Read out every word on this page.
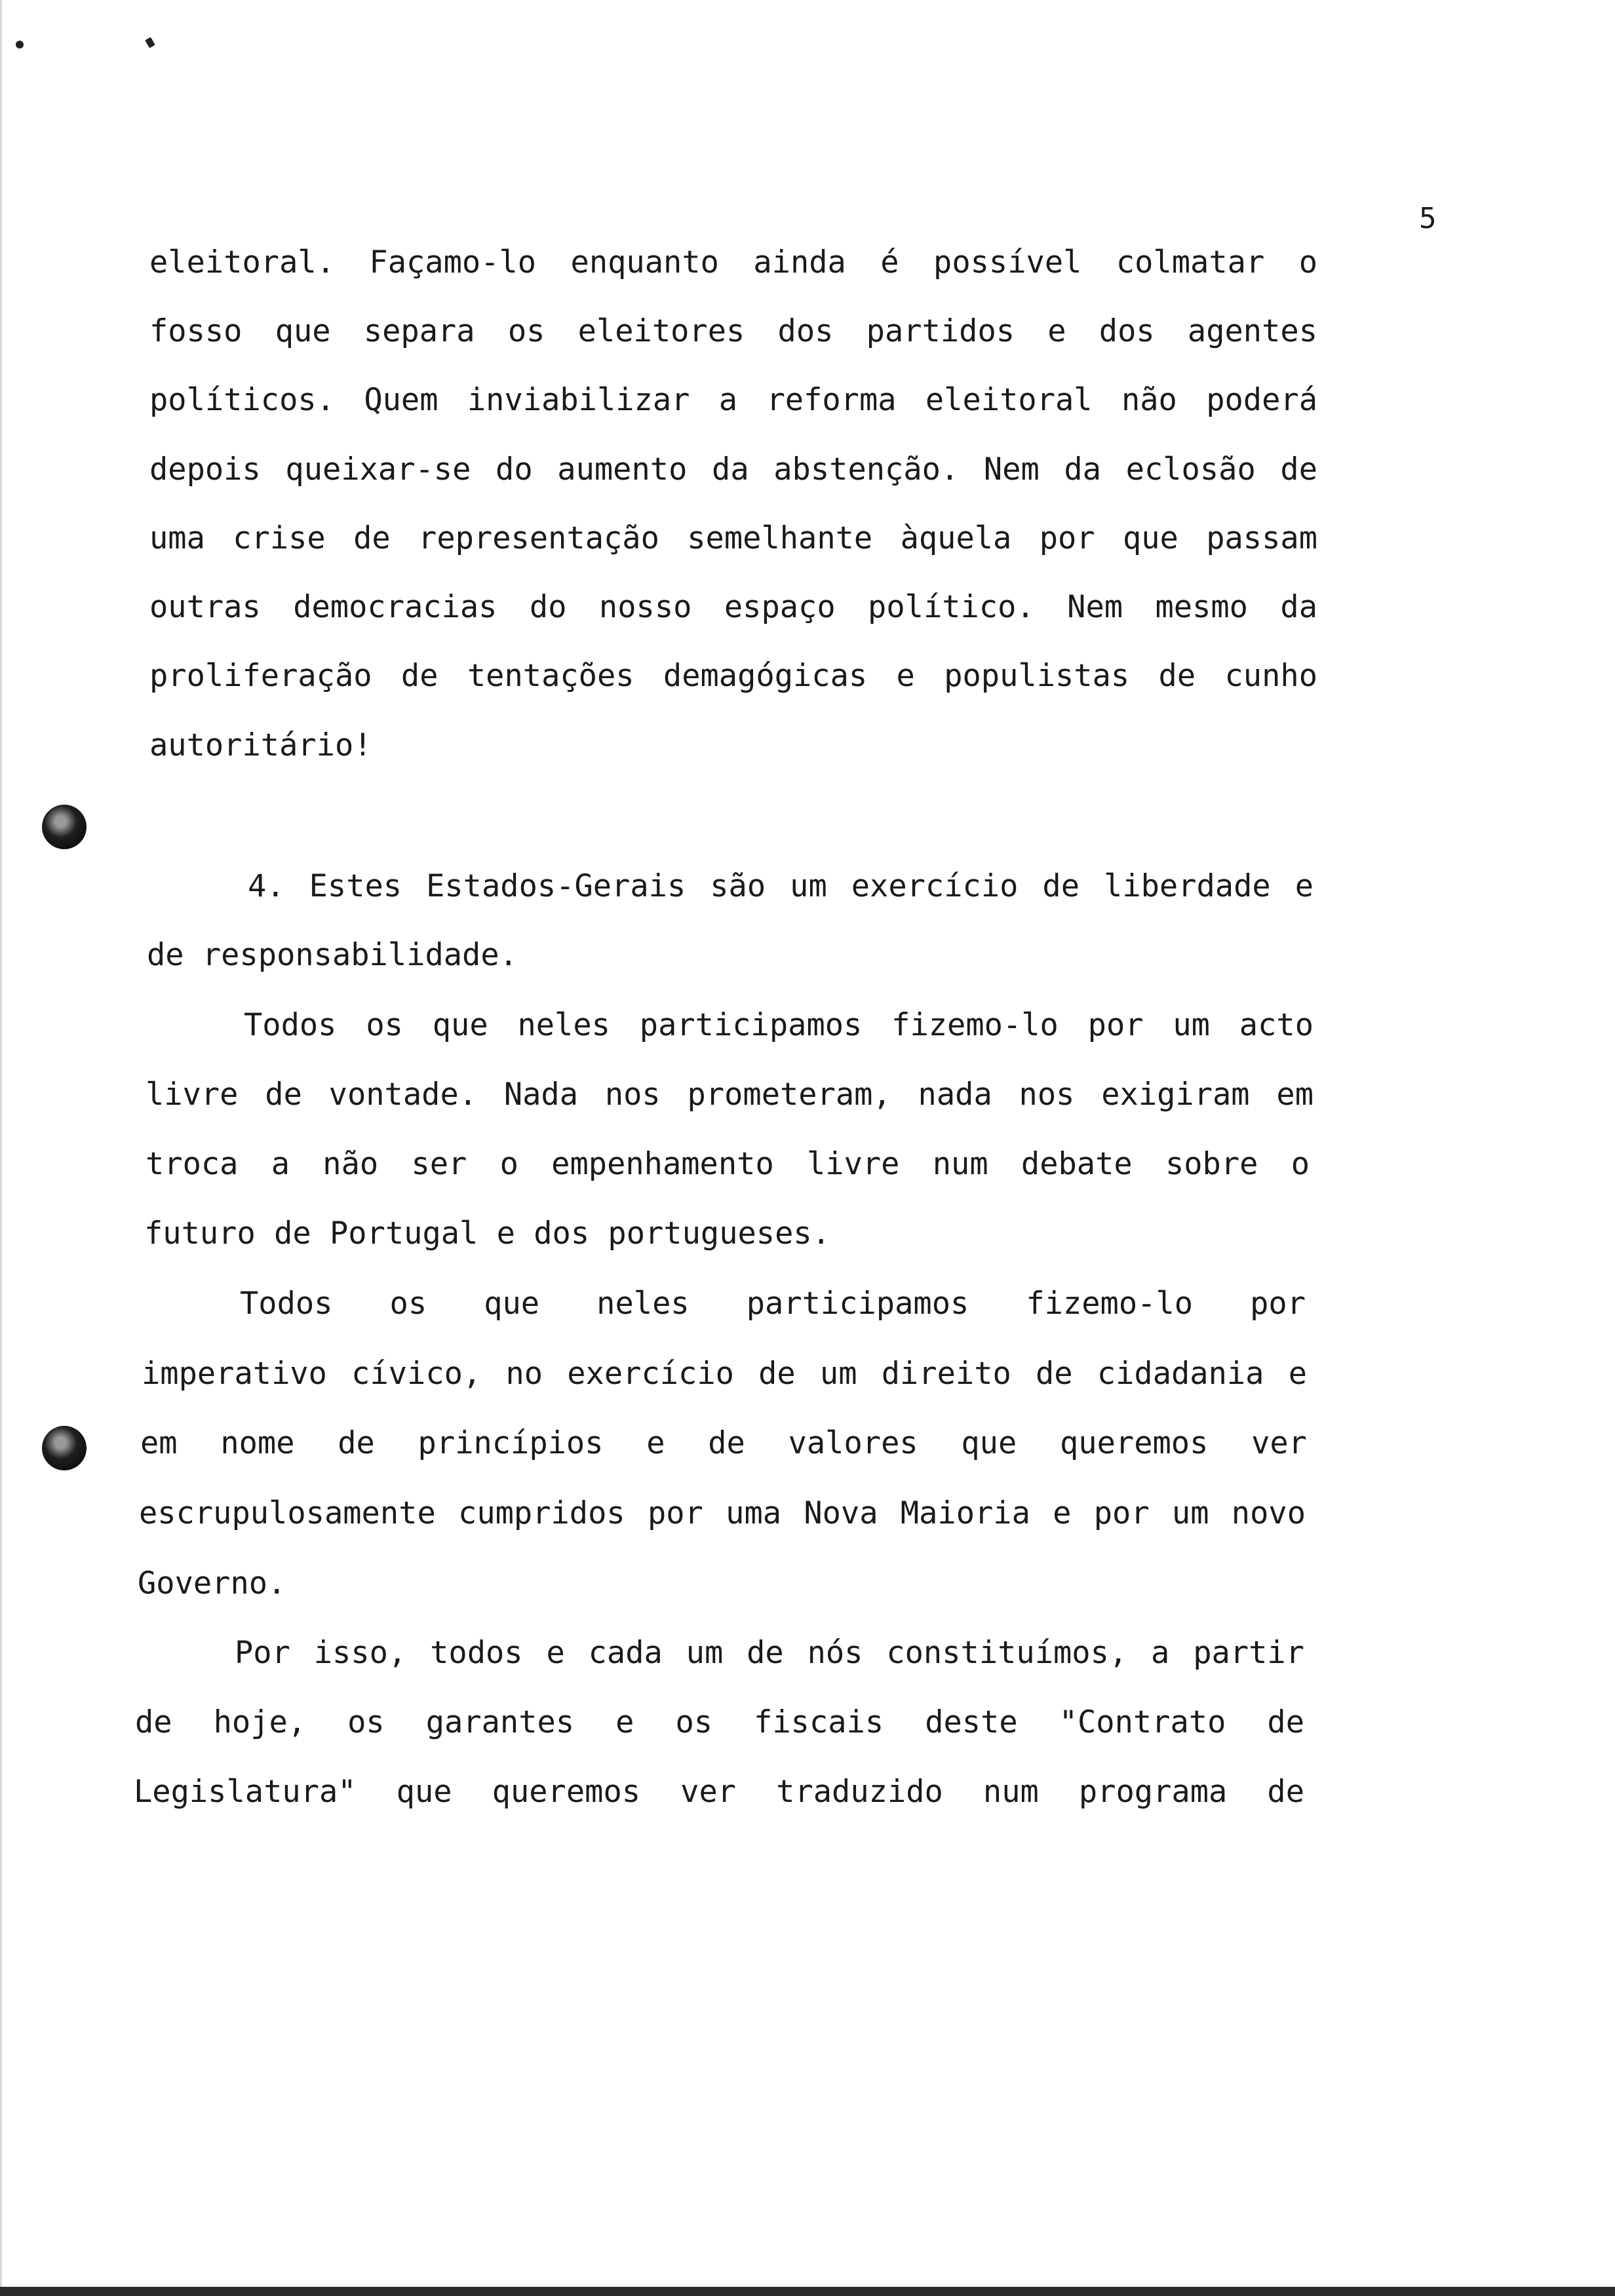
5
eleitoral. Façamo-lo enquanto ainda é possível colmatar o
fosso que separa os eleitores dos partidos e dos agentes
políticos. Quem inviabilizar a reforma eleitoral não poderá
depois queixar-se do aumento da abstenção. Nem da eclosão de
uma crise de representação semelhante àquela por que passam
outras democracias do nosso espaço político. Nem mesmo da
proliferação de tentações demagógicas e populistas de cunho
autoritário!
4. Estes Estados-Gerais são um exercício de liberdade e
de responsabilidade.
Todos os que neles participamos fizemo-lo por um acto
livre de vontade. Nada nos prometeram, nada nos exigiram em
troca a não ser o empenhamento livre num debate sobre o
futuro de Portugal e dos portugueses.
Todos os que neles participamos fizemo-lo por
imperativo cívico, no exercício de um direito de cidadania e
em nome de princípios e de valores que queremos ver
escrupulosamente cumpridos por uma Nova Maioria e por um novo
Governo.
Por isso, todos e cada um de nós constituímos, a partir
de hoje, os garantes e os fiscais deste "Contrato de
Legislatura" que queremos ver traduzido num programa de
